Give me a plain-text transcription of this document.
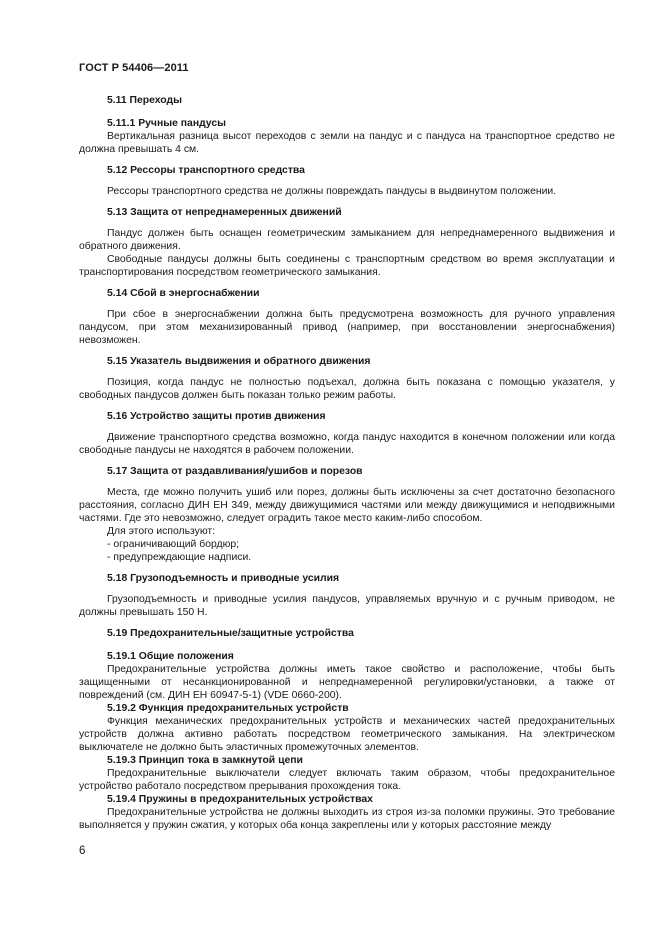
ГОСТ Р 54406—2011

5.11 Переходы

5.11.1 Ручные пандусы

Вертикальная разница высот переходов с земли на пандус и с пандуса на транспортное средство не должна превышать 4 см.

5.12 Рессоры транспортного средства

Рессоры транспортного средства не должны повреждать пандусы в выдвинутом положении.

5.13 Защита от непреднамеренных движений

Пандус должен быть оснащен геометрическим замыканием для непреднамеренного выдвижения и обратного движения.

Свободные пандусы должны быть соединены с транспортным средством во время эксплуатации и транспортирования посредством геометрического замыкания.

5.14 Сбой в энергоснабжении

При сбое в энергоснабжении должна быть предусмотрена возможность для ручного управления пандусом, при этом механизированный привод (например, при восстановлении энергоснабжения) невозможен.

5.15 Указатель выдвижения и обратного движения

Позиция, когда пандус не полностью подъехал, должна быть показана с помощью указателя, у свободных пандусов должен быть показан только режим работы.

5.16 Устройство защиты против движения

Движение транспортного средства возможно, когда пандус находится в конечном положении или когда свободные пандусы не находятся в рабочем положении.

5.17 Защита от раздавливания/ушибов и порезов

Места, где можно получить ушиб или порез, должны быть исключены за счет достаточно безопасного расстояния, согласно ДИН ЕН 349, между движущимися частями или между движущимися и неподвижными частями. Где это невозможно, следует оградить такое место каким-либо способом.

Для этого используют:

- ограничивающий бордюр;

- предупреждающие надписи.

5.18 Грузоподъемность и приводные усилия

Грузоподъемность и приводные усилия пандусов, управляемых вручную и с ручным приводом, не должны превышать 150 Н.

5.19 Предохранительные/защитные устройства

5.19.1 Общие положения

Предохранительные устройства должны иметь такое свойство и расположение, чтобы быть защищенными от несанкционированной и непреднамеренной регулировки/установки, а также от повреждений (см. ДИН ЕН 60947-5-1) (VDE 0660-200).

5.19.2 Функция предохранительных устройств

Функция механических предохранительных устройств и механических частей предохранительных устройств должна активно работать посредством геометрического замыкания. На электрическом выключателе не должно быть эластичных промежуточных элементов.

5.19.3 Принцип тока в замкнутой цепи

Предохранительные выключатели следует включать таким образом, чтобы предохранительное устройство работало посредством прерывания прохождения тока.

5.19.4 Пружины в предохранительных устройствах

Предохранительные устройства не должны выходить из строя из-за поломки пружины. Это требование выполняется у пружин сжатия, у которых оба конца закреплены или у которых расстояние между

6
